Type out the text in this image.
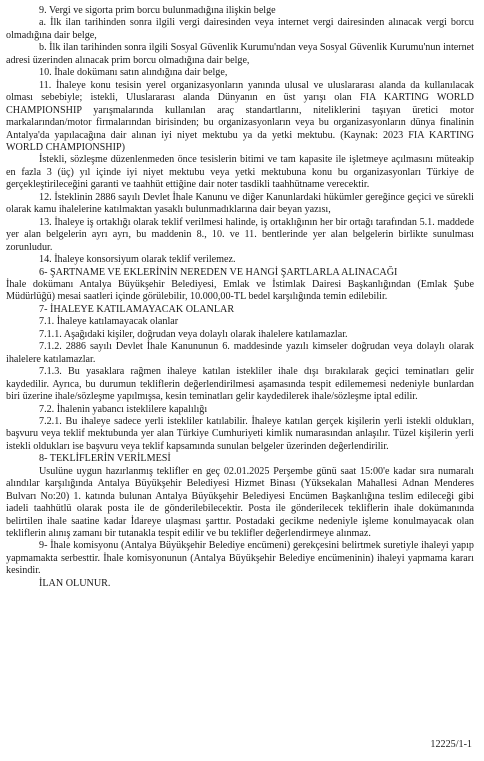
9. Vergi ve sigorta prim borcu bulunmadığına ilişkin belge

a. İlk ilan tarihinden sonra ilgili vergi dairesinden veya internet vergi dairesinden alınacak vergi borcu olmadığına dair belge,

b. İlk ilan tarihinden sonra ilgili Sosyal Güvenlik Kurumu'ndan veya Sosyal Güvenlik Kurumu'nun internet adresi üzerinden alınacak prim borcu olmadığına dair belge,

10. İhale dokümanı satın alındığına dair belge,

11. İhaleye konu tesisin yerel organizasyonların yanında ulusal ve uluslararası alanda da kullanılacak olması sebebiyle; istekli, Uluslararası alanda Dünyanın en üst yarışı olan FIA KARTING WORLD CHAMPIONSHIP yarışmalarında kullanılan araç standartlarını, niteliklerini taşıyan üretici motor markalarından/motor firmalarından birisinden; bu organizasyonların veya bu organizasyonların dünya finalinin Antalya'da yapılacağına dair alınan iyi niyet mektubu ya da yetki mektubu. (Kaynak: 2023 FIA KARTING WORLD CHAMPIONSHIP)

İstekli, sözleşme düzenlenmeden önce tesislerin bitimi ve tam kapasite ile işletmeye açılmasını müteakip en fazla 3 (üç) yıl içinde iyi niyet mektubu veya yetki mektubuna konu bu organizasyonları Türkiye de gerçekleştirileceğini garanti ve taahhüt ettiğine dair noter tasdikli taahhütname verecektir.

12. İsteklinin 2886 sayılı Devlet İhale Kanunu ve diğer Kanunlardaki hükümler gereğince geçici ve sürekli olarak kamu ihalelerine katılmaktan yasaklı bulunmadıklarına dair beyan yazısı,

13. İhaleye iş ortaklığı olarak teklif verilmesi halinde, iş ortaklığının her bir ortağı tarafından 5.1. maddede yer alan belgelerin ayrı ayrı, bu maddenin 8., 10. ve 11. bentlerinde yer alan belgelerin birlikte sunulması zorunludur.

14. İhaleye konsorsiyum olarak teklif verilemez.

6- ŞARTNAME VE EKLERİNİN NEREDEN VE HANGİ ŞARTLARLA ALINACAĞI

İhale dokümanı Antalya Büyükşehir Belediyesi, Emlak ve İstimlak Dairesi Başkanlığından (Emlak Şube Müdürlüğü) mesai saatleri içinde görülebilir, 10.000,00-TL bedel karşılığında temin edilebilir.

7- İHALEYE KATILAMAYACAK OLANLAR

7.1. İhaleye katılamayacak olanlar

7.1.1. Aşağıdaki kişiler, doğrudan veya dolaylı olarak ihalelere katılamazlar.

7.1.2. 2886 sayılı Devlet İhale Kanununun 6. maddesinde yazılı kimseler doğrudan veya dolaylı olarak ihalelere katılamazlar.

7.1.3. Bu yasaklara rağmen ihaleye katılan istekliler ihale dışı bırakılarak geçici teminatları gelir kaydedilir. Ayrıca, bu durumun tekliflerin değerlendirilmesi aşamasında tespit edilememesi nedeniyle bunlardan biri üzerine ihale/sözleşme yapılmışsa, kesin teminatları gelir kaydedilerek ihale/sözleşme iptal edilir.

7.2. İhalenin yabancı isteklilere kapalılığı

7.2.1. Bu ihaleye sadece yerli istekliler katılabilir. İhaleye katılan gerçek kişilerin yerli istekli oldukları, başvuru veya teklif mektubunda yer alan Türkiye Cumhuriyeti kimlik numarasından anlaşılır. Tüzel kişilerin yerli istekli oldukları ise başvuru veya teklif kapsamında sunulan belgeler üzerinden değerlendirilir.

8- TEKLİFLERİN VERİLMESİ

Usulüne uygun hazırlanmış teklifler en geç 02.01.2025 Perşembe günü saat 15:00'e kadar sıra numaralı alındılar karşılığında Antalya Büyükşehir Belediyesi Hizmet Binası (Yüksekalan Mahallesi Adnan Menderes Bulvarı No:20) 1. katında bulunan Antalya Büyükşehir Belediyesi Encümen Başkanlığına teslim edileceği gibi iadeli taahhütlü olarak posta ile de gönderilebilecektir. Posta ile gönderilecek tekliflerin ihale dokümanında belirtilen ihale saatine kadar İdareye ulaşması şarttır. Postadaki gecikme nedeniyle işleme konulmayacak olan tekliflerin alınış zamanı bir tutanakla tespit edilir ve bu teklifler değerlendirmeye alınmaz.

9- İhale komisyonu (Antalya Büyükşehir Belediye encümeni) gerekçesini belirtmek suretiyle ihaleyi yapıp yapmamakta serbesttir. İhale komisyonunun (Antalya Büyükşehir Belediye encümeninin) ihaleyi yapmama kararı kesindir.

İLAN OLUNUR.

12225/1-1
